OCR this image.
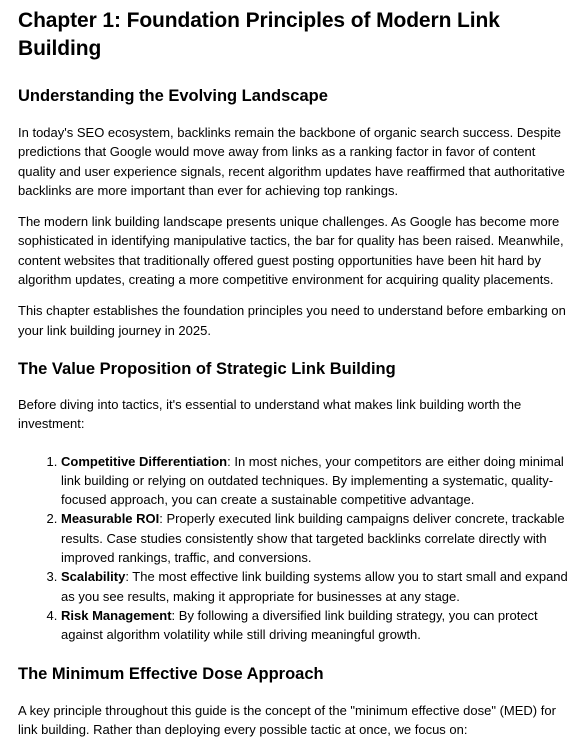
Chapter 1: Foundation Principles of Modern Link Building
Understanding the Evolving Landscape

In today's SEO ecosystem, backlinks remain the backbone of organic search success. Despite predictions that Google would move away from links as a ranking factor in favor of content quality and user experience signals, recent algorithm updates have reaffirmed that authoritative backlinks are more important than ever for achieving top rankings.

The modern link building landscape presents unique challenges. As Google has become more sophisticated in identifying manipulative tactics, the bar for quality has been raised. Meanwhile, content websites that traditionally offered guest posting opportunities have been hit hard by algorithm updates, creating a more competitive environment for acquiring quality placements.

This chapter establishes the foundation principles you need to understand before embarking on your link building journey in 2025.

The Value Proposition of Strategic Link Building

Before diving into tactics, it's essential to understand what makes link building worth the investment:

1. Competitive Differentiation: In most niches, your competitors are either doing minimal link building or relying on outdated techniques. By implementing a systematic, quality-focused approach, you can create a sustainable competitive advantage.
2. Measurable ROI: Properly executed link building campaigns deliver concrete, trackable results. Case studies consistently show that targeted backlinks correlate directly with improved rankings, traffic, and conversions.
3. Scalability: The most effective link building systems allow you to start small and expand as you see results, making it appropriate for businesses at any stage.
4. Risk Management: By following a diversified link building strategy, you can protect against algorithm volatility while still driving meaningful growth.
The Minimum Effective Dose Approach

A key principle throughout this guide is the concept of the "minimum effective dose" (MED) for link building. Rather than deploying every possible tactic at once, we focus on:
